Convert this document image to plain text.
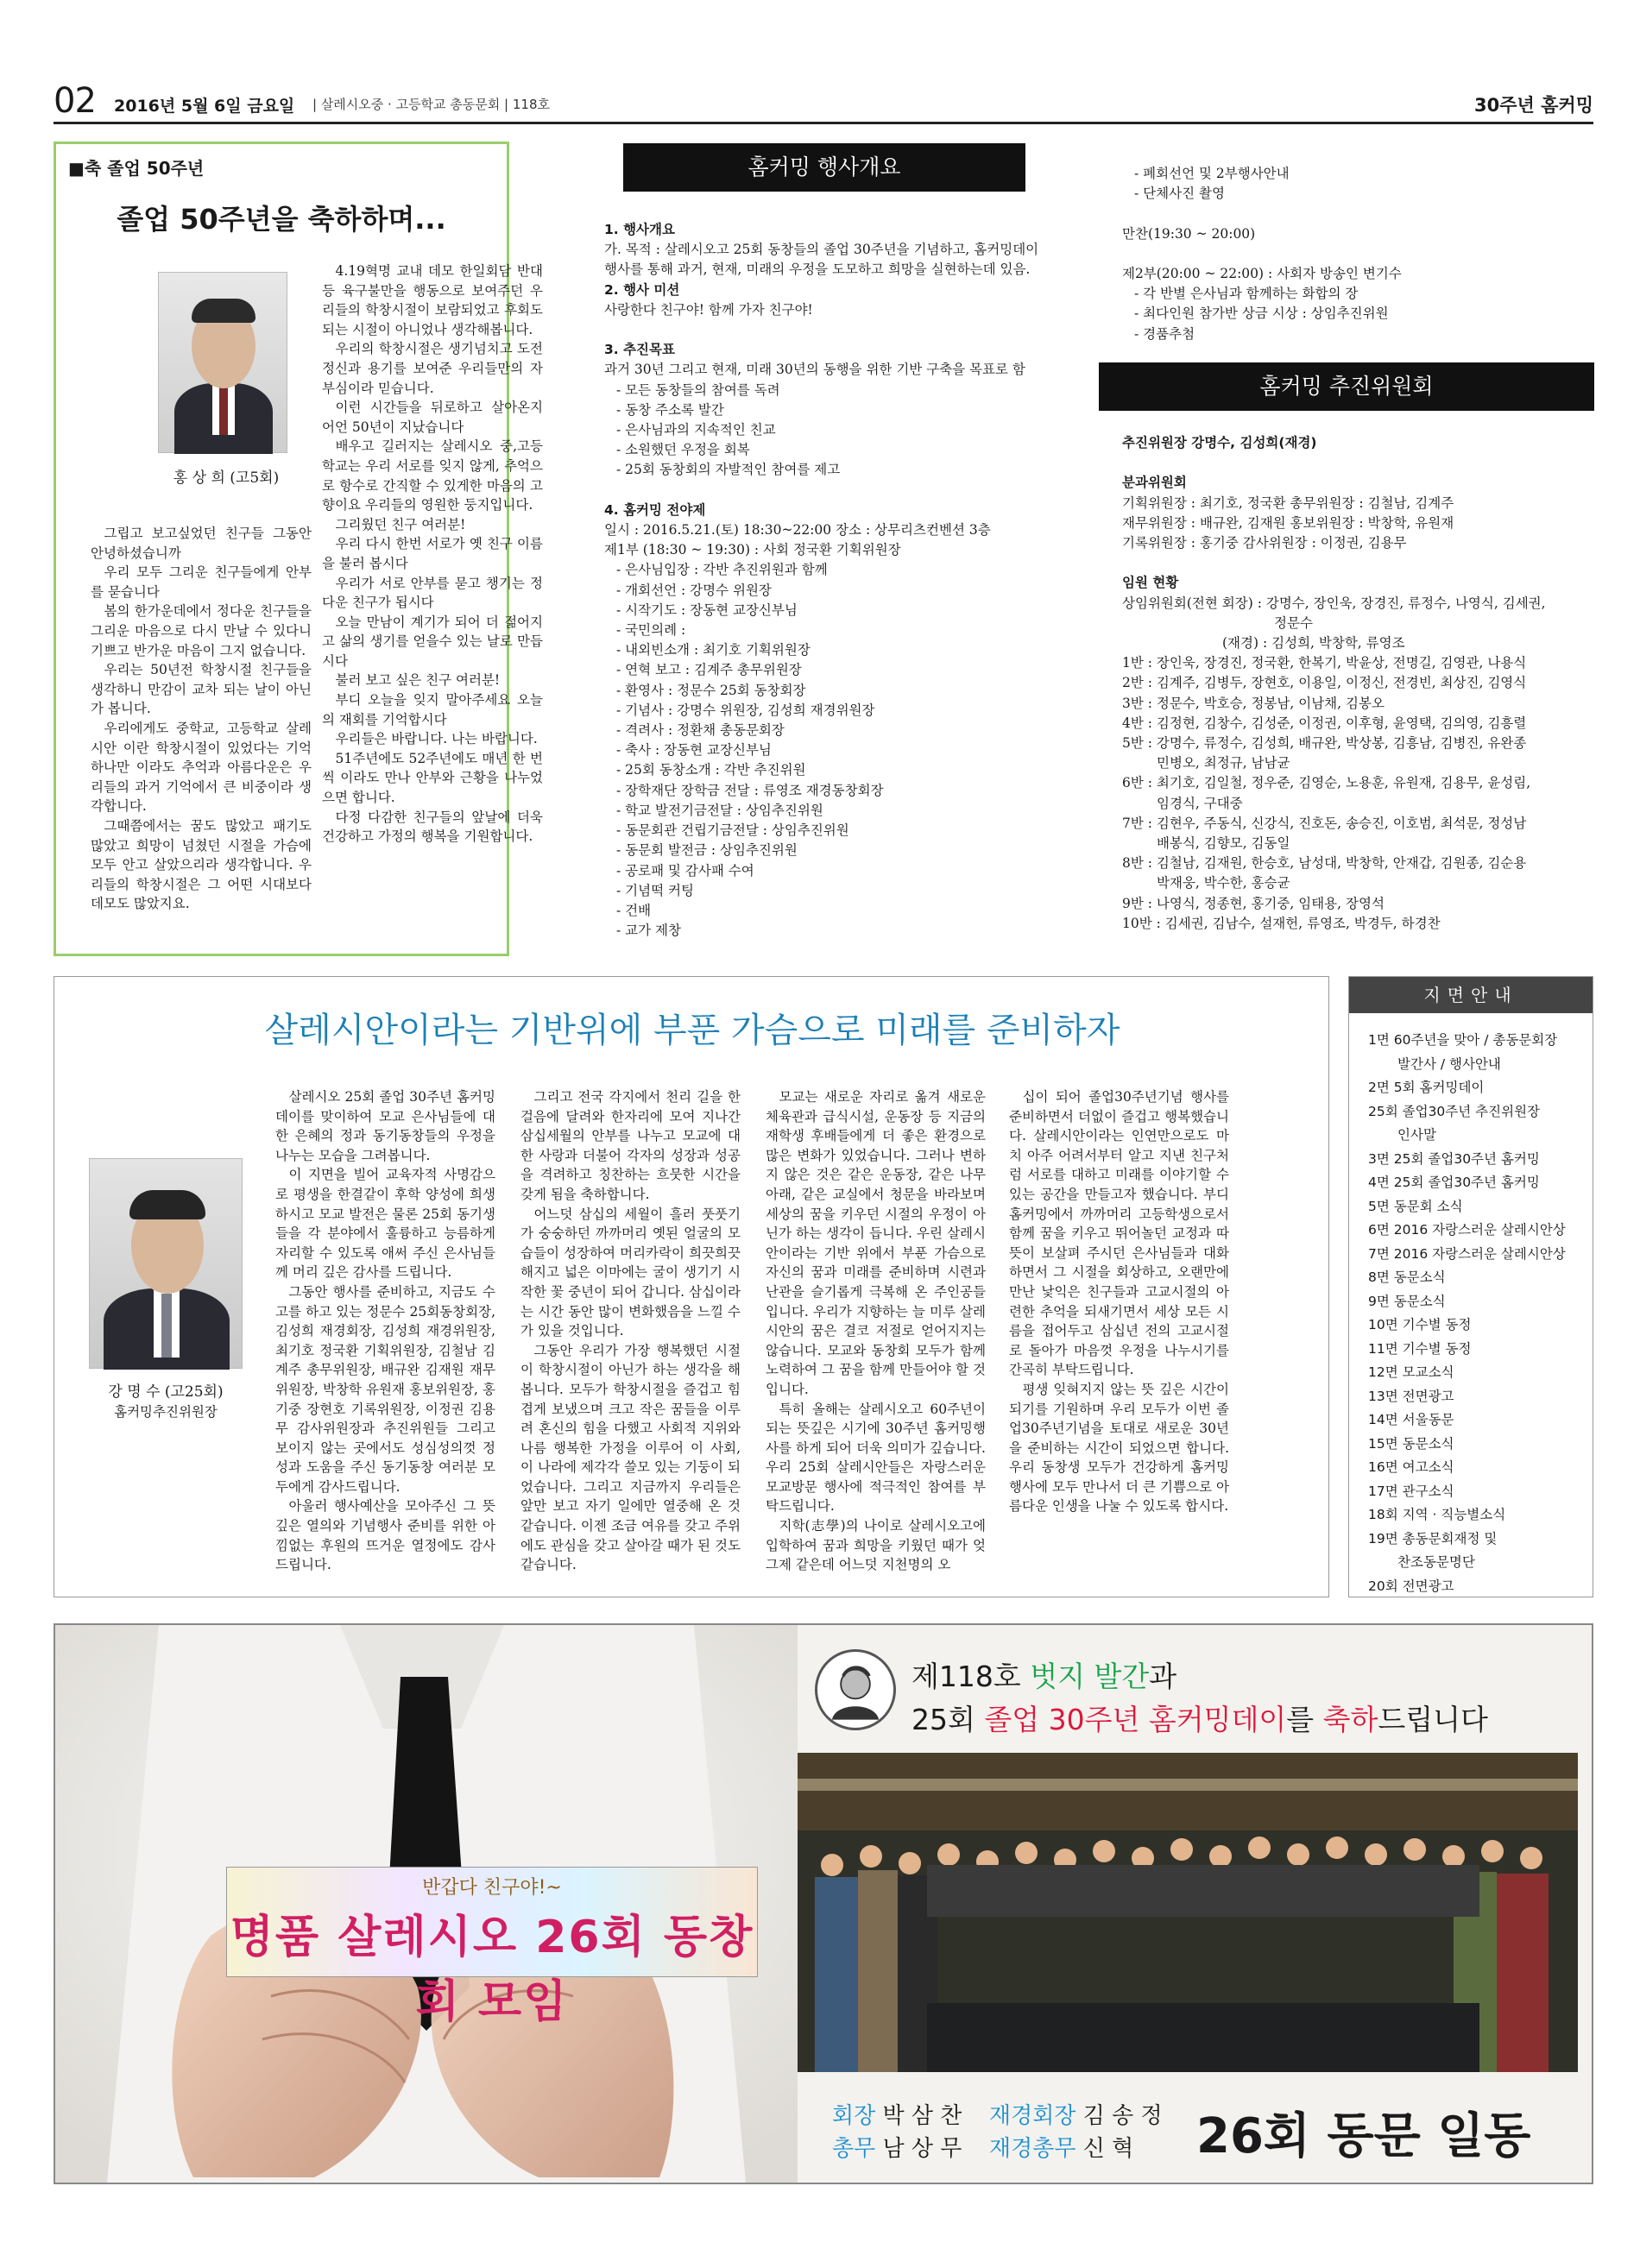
02 2016년 5월 6일 금요일 | 살레시오중 · 고등학교 총동문회 | 118호	30주년 홈커밍
■축 졸업 50주년
졸업 50주년을 축하하며...
홍 상 희 (고5회)
그립고 보고싶었던 친구들 그동안 안녕하셨습니까
우리 모두 그리운 친구들에게 안부를 묻습니다
봄의 한가운데에서 정다운 친구들을 그리운 마음으로 다시 만날 수 있다니 기쁘고 반가운 마음이 그지 없습니다.
우리는 50년전 학창시절 친구들을 생각하니 만감이 교차 되는 날이 아닌가 봅니다.
우리에게도 중학교, 고등학교 살레시안 이란 학창시절이 있었다는 기억 하나만 이라도 추억과 아름다운은 우리들의 과거 기억에서 큰 비중이라 생각합니다.
그때쯤에서는 꿈도 많았고 패기도 많았고 희망이 넘쳤던 시절을 가슴에 모두 안고 살았으리라 생각합니다. 우리들의 학창시절은 그 어떤 시대보다 데모도 많았지요.
4.19혁명 교내 데모 한일회담 반대등 육구불만을 행동으로 보여주던 우리들의 학창시절이 보람되었고 후회도 되는 시절이 아니었나 생각해봅니다.
우리의 학창시절은 생기넘치고 도전정신과 용기를 보여준 우리들만의 자부심이라 믿습니다.
이런 시간들을 뒤로하고 살아온지 어언 50년이 지났습니다
배우고 길러지는 살레시오 중,고등학교는 우리 서로를 잊지 않게, 추억으로 항수로 간직할 수 있게한 마음의 고향이요 우리들의 영원한 둥지입니다.
그리웠던 친구 여러분!
우리 다시 한번 서로가 옛 친구 이름을 불러 봅시다
우리가 서로 안부를 묻고 챙기는 정다운 친구가 됩시다
오늘 만남이 계기가 되어 더 젊어지고 삶의 생기를 얻을수 있는 날로 만듭시다
불러 보고 싶은 친구 여러분!
부디 오늘을 잊지 말아주세요 오늘의 재회를 기억합시다
우리들은 바랍니다. 나는 바랍니다.
51주년에도 52주년에도 매년 한 번씩 이라도 만나 안부와 근황을 나누었으면 합니다.
다정 다감한 친구들의 앞날에 더욱 건강하고 가정의 행복을 기원합니다.
홈커밍 행사개요
1. 행사개요
가. 목적 : 살레시오고 25회 동창들의 졸업 30주년을 기념하고, 홈커밍데이 행사를 통해 과거, 현재, 미래의 우정을 도모하고 희망을 실현하는데 있음.
2. 행사 미션
사랑한다 친구야! 함께 가자 친구야!

3. 추진목표
과거 30년 그리고 현재, 미래 30년의 동행을 위한 기반 구축을 목표로 함
- 모든 동창들의 참여를 독려
- 동창 주소록 발간
- 은사님과의 지속적인 친교
- 소원했던 우정을 회복
- 25회 동창회의 자발적인 참여를 제고

4. 홈커밍 전야제
일시 : 2016.5.21.(토) 18:30~22:00 장소 : 상무리츠컨벤션 3층
제1부 (18:30 ~ 19:30) : 사회 정국환 기획위원장
- 은사님입장 : 각반 추진위원과 함께
- 개회선언 : 강명수 위원장
- 시작기도 : 장동현 교장신부님
- 국민의례 :
- 내외빈소개 : 최기호 기획위원장
- 연혁 보고 : 김계주 총무위원장
- 환영사 : 정문수 25회 동창회장
- 기념사 : 강명수 위원장, 김성희 재경위원장
- 격려사 : 정환채 총동문회장
- 축사 : 장동현 교장신부님
- 25회 동창소개 : 각반 추진위원
- 장학재단 장학금 전달 : 류영조 재경동창회장
- 학교 발전기금전달 : 상임추진위원
- 동문회관 건립기금전달 : 상임추진위원
- 동문회 발전금 : 상임추진위원
- 공로패 및 감사패 수여
- 기념떡 커팅
- 건배
- 교가 제창
- 폐회선언 및 2부행사안내
- 단체사진 촬영

만찬(19:30 ~ 20:00)

제2부(20:00 ~ 22:00) : 사회자 방송인 변기수
- 각 반별 은사님과 함께하는 화합의 장
- 최다인원 참가반 상금 시상 : 상임추진위원
- 경품추첨
홈커밍 추진위원회
추진위원장 강명수, 김성희(재경)

분과위원회
기획위원장 : 최기호, 정국환 총무위원장 : 김철남, 김계주
재무위원장 : 배규완, 김재원 홍보위원장 : 박창학, 유원재
기록위원장 : 홍기중 감사위원장 : 이정권, 김용무

임원 현황
상임위원회(전현 회장) : 강명수, 장인욱, 장경진, 류정수, 나영식, 김세권,
정문수
(재경) : 김성희, 박창학, 류영조
1반 : 장인욱, 장경진, 정국환, 한복기, 박윤상, 전명길, 김영관, 나용식
2반 : 김계주, 김병두, 장현호, 이용일, 이정신, 전경빈, 최상진, 김영식
3반 : 정문수, 박호승, 정봉남, 이남채, 김봉오
4반 : 김정현, 김창수, 김성준, 이정권, 이후형, 윤영택, 김의영, 김흥렬
5반 : 강명수, 류정수, 김성희, 배규완, 박상봉, 김흥남, 김병진, 유완종
민병오, 최정규, 남남균
6반 : 최기호, 김일철, 정우준, 김영순, 노용훈, 유원재, 김용무, 윤성림,
임경식, 구대중
7반 : 김현우, 주동식, 신강식, 진호돈, 송승진, 이호범, 최석문, 정성남
배봉식, 김향모, 김동일
8반 : 김철남, 김재원, 한승호, 남성대, 박창학, 안재갑, 김원종, 김순용
박재웅, 박수한, 홍승균
9반 : 나영식, 정종현, 홍기중, 임태용, 장영석
10반 : 김세권, 김남수, 설재헌, 류영조, 박경두, 하경찬
살레시안이라는 기반위에 부푼 가슴으로 미래를 준비하자
강 명 수 (고25회)
홈커밍추진위원장
살레시오 25회 졸업 30주년 홈커밍데이를 맞이하여 모교 은사님들에 대한 은혜의 정과 동기동창들의 우정을 나누는 모습을 그려봅니다.
이 지면을 빌어 교육자적 사명감으로 평생을 한결같이 후학 양성에 희생하시고 모교 발전은 물론 25회 동기생들을 각 분야에서 훌륭하고 능름하게 자리할 수 있도록 애써 주신 은사님들께 머리 깊은 감사를 드립니다.
그동안 행사를 준비하고, 지금도 수고를 하고 있는 정문수 25회동창회장, 김성희 재경회장, 김성희 재경위원장, 최기호 정국환 기획위원장, 김철남 김계주 총무위원장, 배규완 김재원 재무위원장, 박창학 유원재 홍보위원장, 홍기중 장현호 기록위원장, 이정권 김용무 감사위원장과 추진위원들 그리고 보이지 않는 곳에서도 성심성의껏 정성과 도움을 주신 동기동창 여러분 모두에게 감사드립니다.
아울러 행사예산을 모아주신 그 뜻깊은 열의와 기념행사 준비를 위한 아낌없는 후원의 뜨거운 열정에도 감사드립니다.
그리고 전국 각지에서 천리 길을 한 걸음에 달려와 한자리에 모여 지나간 삼십세월의 안부를 나누고 모교에 대한 사랑과 더불어 각자의 성장과 성공을 격려하고 칭찬하는 흐뭇한 시간을 갖게 됨을 축하합니다.
어느덧 삼십의 세월이 흘러 풋풋기가 숭숭하던 까까머리 옛된 얼굴의 모습들이 성장하여 머리카락이 희끗희끗 해지고 넓은 이마에는 굴이 생기기 시작한 꽃 중년이 되어 갑니다. 삼십이라는 시간 동안 많이 변화했음을 느낄 수가 있을 것입니다.
그동안 우리가 가장 행복했던 시절이 학창시절이 아닌가 하는 생각을 해 봅니다. 모두가 학창시절을 즐겁고 힘겹게 보냈으며 크고 작은 꿈들을 이루려 혼신의 힘을 다했고 사회적 지위와 나름 행복한 가정을 이루어 이 사회, 이 나라에 제각각 쓸모 있는 기둥이 되었습니다. 그리고 지금까지 우리들은 앞만 보고 자기 일에만 열중해 온 것 같습니다. 이젠 조금 여유를 갖고 주위에도 관심을 갖고 살아갈 때가 된 것도 같습니다.
모교는 새로운 자리로 옮겨 새로운 체육관과 급식시설, 운동장 등 지금의 재학생 후배들에게 더 좋은 환경으로 많은 변화가 있었습니다. 그러나 변하지 않은 것은 같은 운동장, 같은 나무 아래, 같은 교실에서 청문을 바라보며 세상의 꿈을 키우던 시절의 우정이 아닌가 하는 생각이 듭니다. 우린 살레시안이라는 기반 위에서 부푼 가슴으로 자신의 꿈과 미래를 준비하며 시련과 난관을 슬기롭게 극복해 온 주인공들입니다. 우리가 지향하는 늘 미루 살레시안의 꿈은 결코 저절로 얻어지지는 않습니다. 모교와 동창회 모두가 함께 노력하여 그 꿈을 함께 만들어야 할 것입니다.
특히 올해는 살레시오고 60주년이 되는 뜻깊은 시기에 30주년 홈커밍행사를 하게 되어 더욱 의미가 깊습니다. 우리 25회 살레시안들은 자랑스러운 모교방문 행사에 적극적인 참여를 부탁드립니다.
지학(志學)의 나이로 살레시오고에 입학하여 꿈과 희망을 키웠던 때가 엊그제 같은데 어느덧 지천명의 오
십이 되어 졸업30주년기념 행사를 준비하면서 더없이 즐겁고 행복했습니다. 살레시안이라는 인연만으로도 마치 아주 어려서부터 알고 지낸 친구처럼 서로를 대하고 미래를 이야기할 수 있는 공간을 만들고자 했습니다. 부디 홈커밍에서 까까머리 고등학생으로서 함께 꿈을 키우고 뛰어놀던 교정과 따뜻이 보살펴 주시던 은사님들과 대화하면서 그 시절을 회상하고, 오랜만에 만난 낯익은 친구들과 고교시절의 아련한 추억을 되새기면서 세상 모든 시름을 접어두고 삼십년 전의 고교시절로 돌아가 마음껏 우정을 나누시기를 간곡히 부탁드립니다.
평생 잊혀지지 않는 뜻 깊은 시간이 되기를 기원하며 우리 모두가 이번 졸업30주년기념을 토대로 새로운 30년을 준비하는 시간이 되었으면 합니다. 우리 동창생 모두가 건강하게 홈커밍 행사에 모두 만나서 더 큰 기쁨으로 아름다운 인생을 나눌 수 있도록 합시다.
지면안내
1면 60주년을 맞아 / 총동문회장
발간사 / 행사안내
2면 5회 홈커밍데이
25회 졸업30주년 추진위원장
인사말
3면 25회 졸업30주년 홈커밍
4면 25회 졸업30주년 홈커밍
5면 동문회 소식
6면 2016 자랑스러운 살레시안상
7면 2016 자랑스러운 살레시안상
8면 동문소식
9면 동문소식
10면 기수별 동정
11면 기수별 동정
12면 모교소식
13면 전면광고
14면 서울동문
15면 동문소식
16면 여고소식
17면 관구소식
18회 지역 · 직능별소식
19면 총동문회재정 및
찬조동문명단
20회 전면광고
제118호 벗지 발간과
25회 졸업 30주년 홈커밍데이를 축하드립니다
반갑다 친구야!~
명품 살레시오 26회 동창회 모임
회장 박 삼 찬
총무 남 상 무
재경회장 김 송 정
재경총무 신 혁 26회 동문 일동
